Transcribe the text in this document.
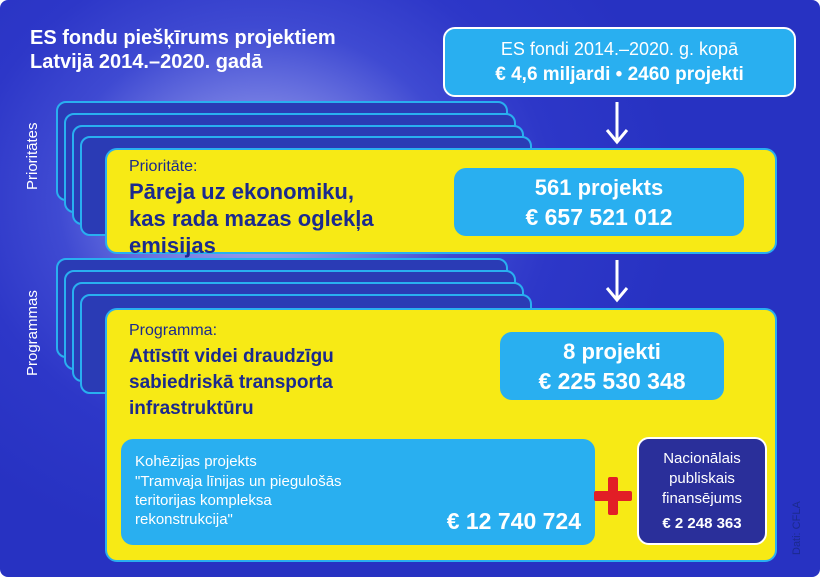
ES fondu piešķīrums projektiem
Latvijā 2014.–2020. gadā
ES fondi 2014.–2020. g. kopā
€ 4,6 miljardi • 2460 projekti
Prioritātes
Programmas
Prioritāte:
Pāreja uz ekonomiku,
kas rada mazas oglekļa
emisijas
561 projekts
€ 657 521 012
Programma:
Attīstīt videi draudzīgu
sabiedriskā transporta
infrastruktūru
8 projekti
€ 225 530 348
Kohēzijas projekts
"Tramvaja līnijas un piegulošās
teritorijas kompleksa
rekonstrukcija"	€ 12 740 724
Nacionālais
publiskais
finansējums
€ 2 248 363	Dati: CFLA
